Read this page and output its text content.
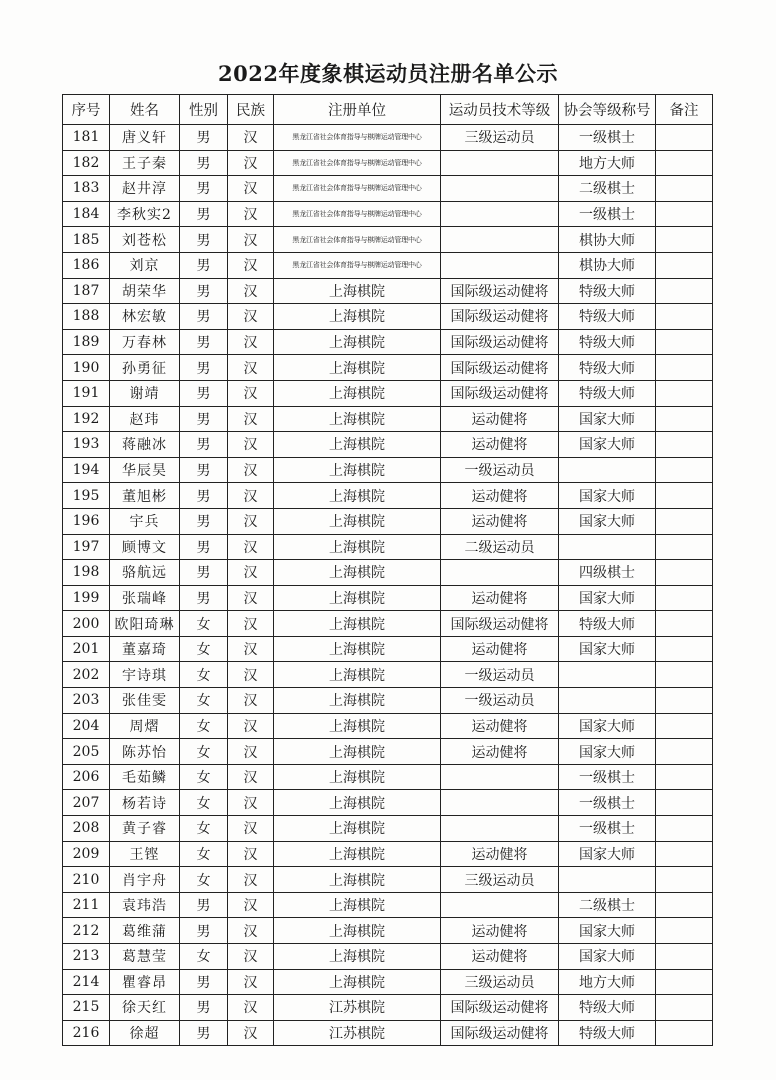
2022年度象棋运动员注册名单公示
序号	姓名	性别	民族	注册单位	运动员技术等级	协会等级称号	备注
181	唐义轩	男	汉	黑龙江省社会体育指导与棋牌运动管理中心	三级运动员	一级棋士	
182	王子秦	男	汉	黑龙江省社会体育指导与棋牌运动管理中心		地方大师	
183	赵井淳	男	汉	黑龙江省社会体育指导与棋牌运动管理中心		二级棋士	
184	李秋实2	男	汉	黑龙江省社会体育指导与棋牌运动管理中心		一级棋士	
185	刘苍松	男	汉	黑龙江省社会体育指导与棋牌运动管理中心		棋协大师	
186	刘京	男	汉	黑龙江省社会体育指导与棋牌运动管理中心		棋协大师	
187	胡荣华	男	汉	上海棋院	国际级运动健将	特级大师	
188	林宏敏	男	汉	上海棋院	国际级运动健将	特级大师	
189	万春林	男	汉	上海棋院	国际级运动健将	特级大师	
190	孙勇征	男	汉	上海棋院	国际级运动健将	特级大师	
191	谢靖	男	汉	上海棋院	国际级运动健将	特级大师	
192	赵玮	男	汉	上海棋院	运动健将	国家大师	
193	蒋融冰	男	汉	上海棋院	运动健将	国家大师	
194	华辰昊	男	汉	上海棋院	一级运动员		
195	董旭彬	男	汉	上海棋院	运动健将	国家大师	
196	宇兵	男	汉	上海棋院	运动健将	国家大师	
197	顾博文	男	汉	上海棋院	二级运动员		
198	骆航远	男	汉	上海棋院		四级棋士	
199	张瑞峰	男	汉	上海棋院	运动健将	国家大师	
200	欧阳琦琳	女	汉	上海棋院	国际级运动健将	特级大师	
201	董嘉琦	女	汉	上海棋院	运动健将	国家大师	
202	宇诗琪	女	汉	上海棋院	一级运动员		
203	张佳雯	女	汉	上海棋院	一级运动员		
204	周熠	女	汉	上海棋院	运动健将	国家大师	
205	陈苏怡	女	汉	上海棋院	运动健将	国家大师	
206	毛茹鳞	女	汉	上海棋院		一级棋士	
207	杨若诗	女	汉	上海棋院		一级棋士	
208	黄子睿	女	汉	上海棋院		一级棋士	
209	王铿	女	汉	上海棋院	运动健将	国家大师	
210	肖宇舟	女	汉	上海棋院	三级运动员		
211	袁玮浩	男	汉	上海棋院		二级棋士	
212	葛维蒲	男	汉	上海棋院	运动健将	国家大师	
213	葛慧莹	女	汉	上海棋院	运动健将	国家大师	
214	瞿睿昂	男	汉	上海棋院	三级运动员	地方大师	
215	徐天红	男	汉	江苏棋院	国际级运动健将	特级大师	
216	徐超	男	汉	江苏棋院	国际级运动健将	特级大师	
